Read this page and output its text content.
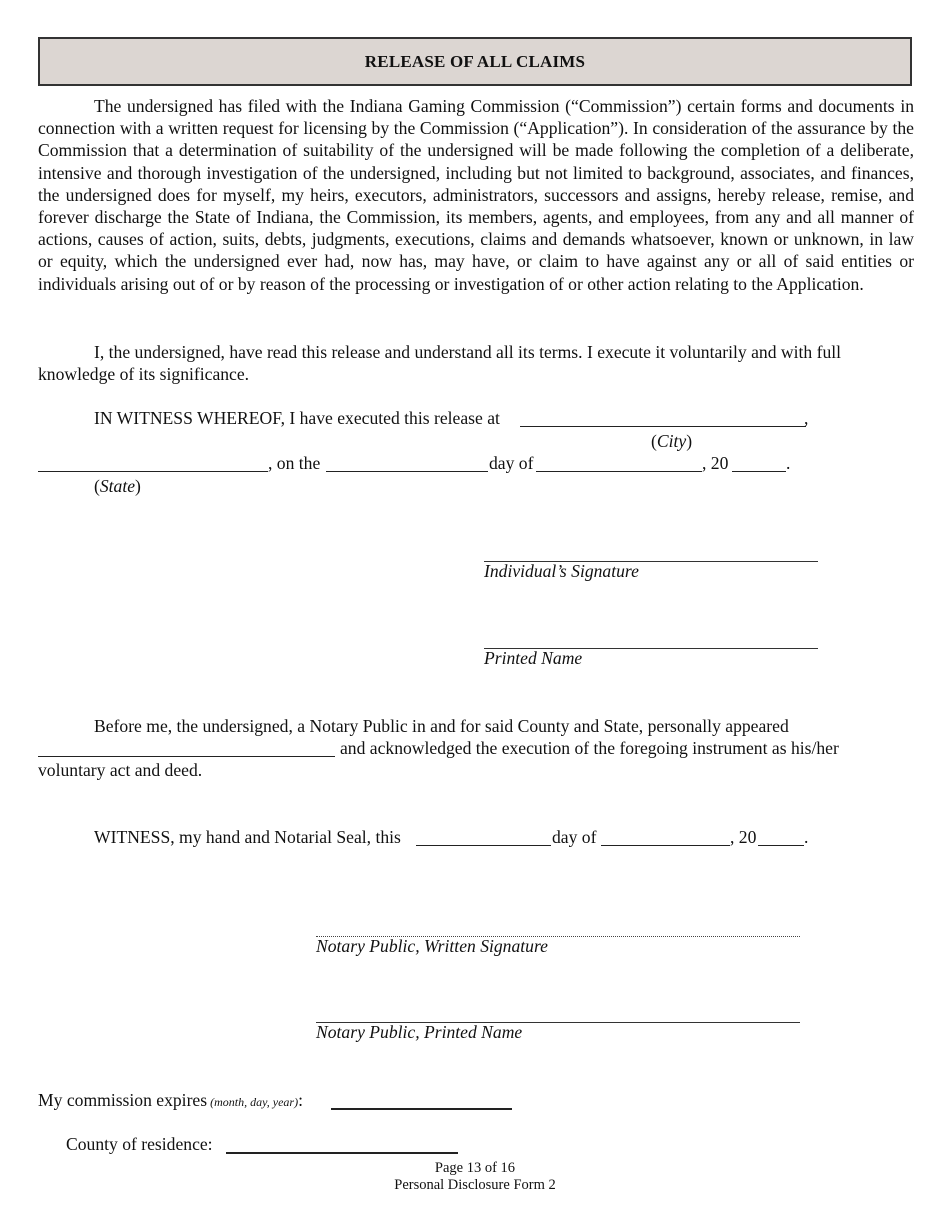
RELEASE OF ALL CLAIMS
The undersigned has filed with the Indiana Gaming Commission (“Commission”) certain forms and documents in connection with a written request for licensing by the Commission (“Application”). In consideration of the assurance by the Commission that a determination of suitability of the undersigned will be made following the completion of a deliberate, intensive and thorough investigation of the undersigned, including but not limited to background, associates, and finances, the undersigned does for myself, my heirs, executors, administrators, successors and assigns, hereby release, remise, and forever discharge the State of Indiana, the Commission, its members, agents, and employees, from any and all manner of actions, causes of action, suits, debts, judgments, executions, claims and demands whatsoever, known or unknown, in law or equity, which the undersigned ever had, now has, may have, or claim to have against any or all of said entities or individuals arising out of or by reason of the processing or investigation of or other action relating to the Application.
I, the undersigned, have read this release and understand all its terms. I execute it voluntarily and with full knowledge of its significance.
IN WITNESS WHEREOF, I have executed this release at	,
(City)
, on the	day of	, 20	.
(State)
Individual’s Signature
Printed Name
Before me, the undersigned, a Notary Public in and for said County and State, personally appeared
and acknowledged the execution of the foregoing instrument as his/her
voluntary act and deed.
WITNESS, my hand and Notarial Seal, this	day of	, 20	.
Notary Public, Written Signature
Notary Public, Printed Name
My commission expires (month, day, year):
County of residence:
Page 13 of 16
Personal Disclosure Form 2
